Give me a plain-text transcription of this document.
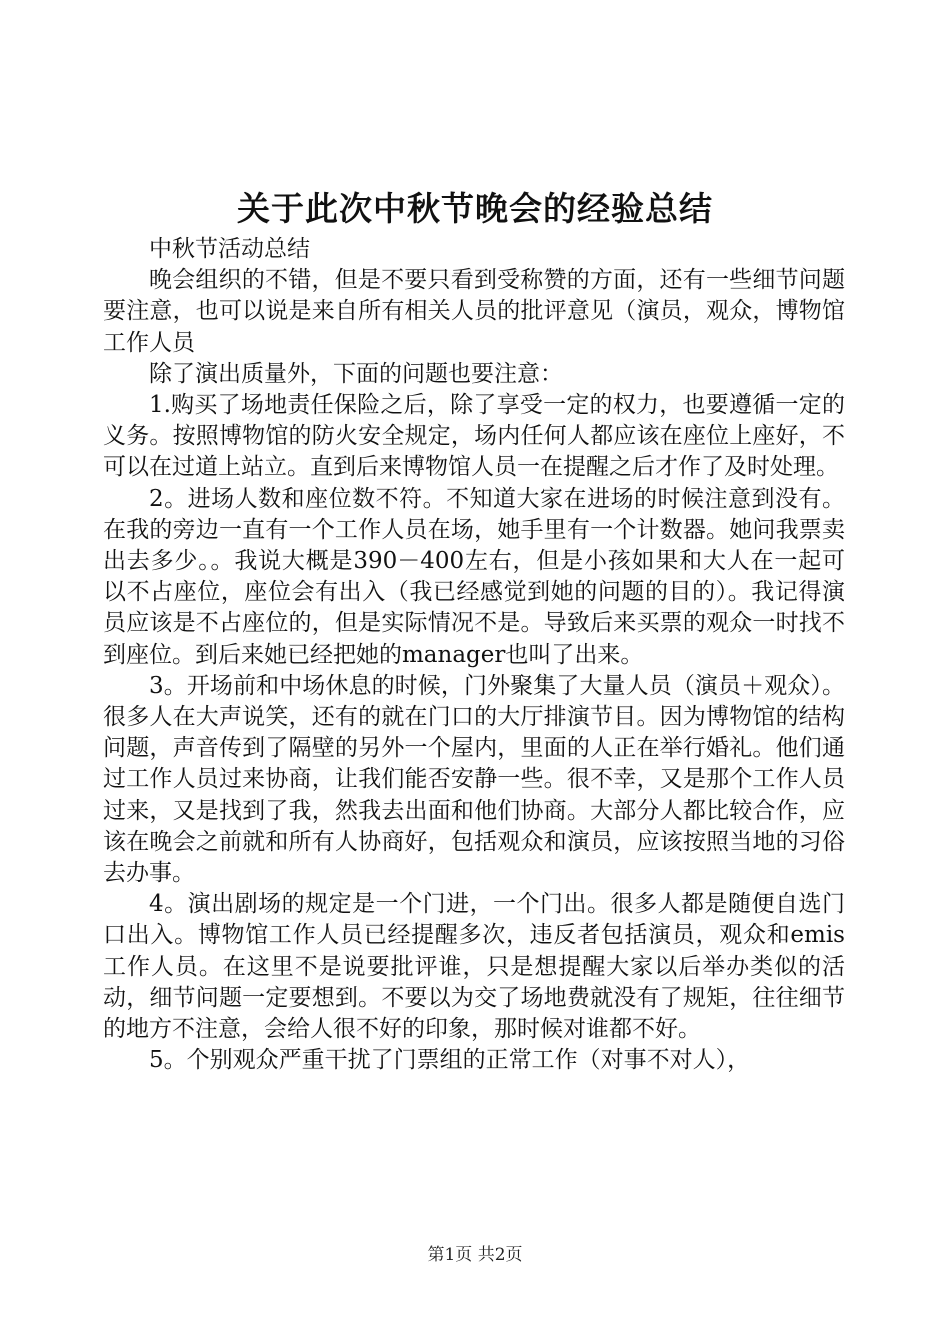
关于此次中秋节晚会的经验总结

中秋节活动总结

晚会组织的不错，但是不要只看到受称赞的方面，还有一些细节问题要注意，也可以说是来自所有相关人员的批评意见（演员，观众，博物馆工作人员

除了演出质量外，下面的问题也要注意：

1.购买了场地责任保险之后，除了享受一定的权力，也要遵循一定的义务。按照博物馆的防火安全规定，场内任何人都应该在座位上座好，不可以在过道上站立。直到后来博物馆人员一在提醒之后才作了及时处理。

2。进场人数和座位数不符。不知道大家在进场的时候注意到没有。在我的旁边一直有一个工作人员在场，她手里有一个计数器。她问我票卖出去多少。。我说大概是390－400左右，但是小孩如果和大人在一起可以不占座位，座位会有出入（我已经感觉到她的问题的目的）。我记得演员应该是不占座位的，但是实际情况不是。导致后来买票的观众一时找不到座位。到后来她已经把她的manager也叫了出来。

3。开场前和中场休息的时候，门外聚集了大量人员（演员＋观众）。很多人在大声说笑，还有的就在门口的大厅排演节目。因为博物馆的结构问题，声音传到了隔壁的另外一个屋内，里面的人正在举行婚礼。他们通过工作人员过来协商，让我们能否安静一些。很不幸，又是那个工作人员过来，又是找到了我，然我去出面和他们协商。大部分人都比较合作，应该在晚会之前就和所有人协商好，包括观众和演员，应该按照当地的习俗去办事。

4。演出剧场的规定是一个门进，一个门出。很多人都是随便自选门口出入。博物馆工作人员已经提醒多次，违反者包括演员，观众和emis工作人员。在这里不是说要批评谁，只是想提醒大家以后举办类似的活动，细节问题一定要想到。不要以为交了场地费就没有了规矩，往往细节的地方不注意，会给人很不好的印象，那时候对谁都不好。

5。个别观众严重干扰了门票组的正常工作（对事不对人），

第1页 共2页
